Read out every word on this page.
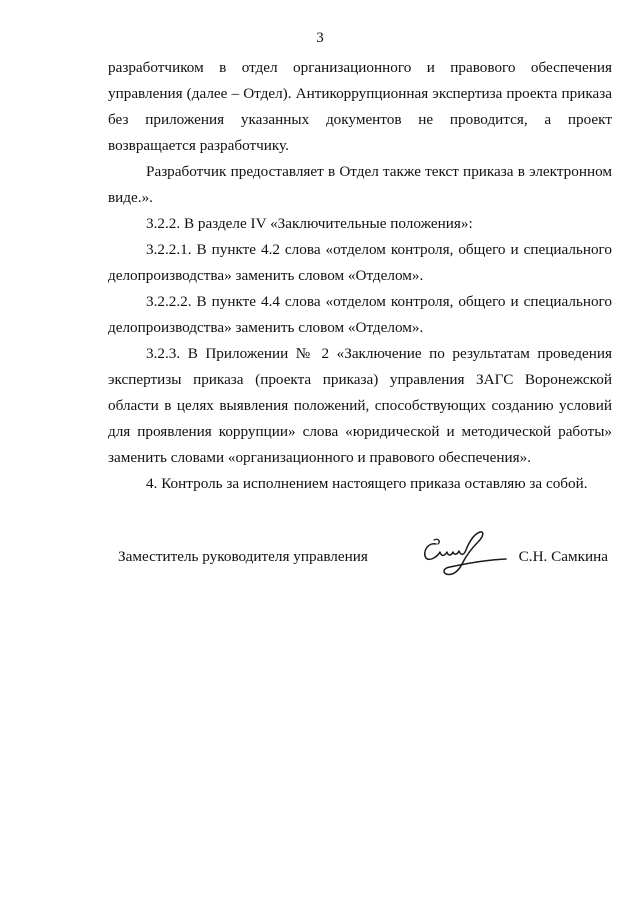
3

разработчиком в отдел организационного и правового обеспечения управления (далее – Отдел). Антикоррупционная экспертиза проекта приказа без приложения указанных документов не проводится, а проект возвращается разработчику.

Разработчик предоставляет в Отдел также текст приказа в электронном виде.».

3.2.2. В разделе IV «Заключительные положения»:

3.2.2.1. В пункте 4.2 слова «отделом контроля, общего и специального делопроизводства» заменить словом «Отделом».

3.2.2.2. В пункте 4.4 слова «отделом контроля, общего и специального делопроизводства» заменить словом «Отделом».

3.2.3. В Приложении № 2 «Заключение по результатам проведения экспертизы приказа (проекта приказа) управления ЗАГС Воронежской области в целях выявления положений, способствующих созданию условий для проявления коррупции» слова «юридической и методической работы» заменить словами «организационного и правового обеспечения».

4. Контроль за исполнением настоящего приказа оставляю за собой.

Заместитель руководителя управления	С.Н. Самкина
